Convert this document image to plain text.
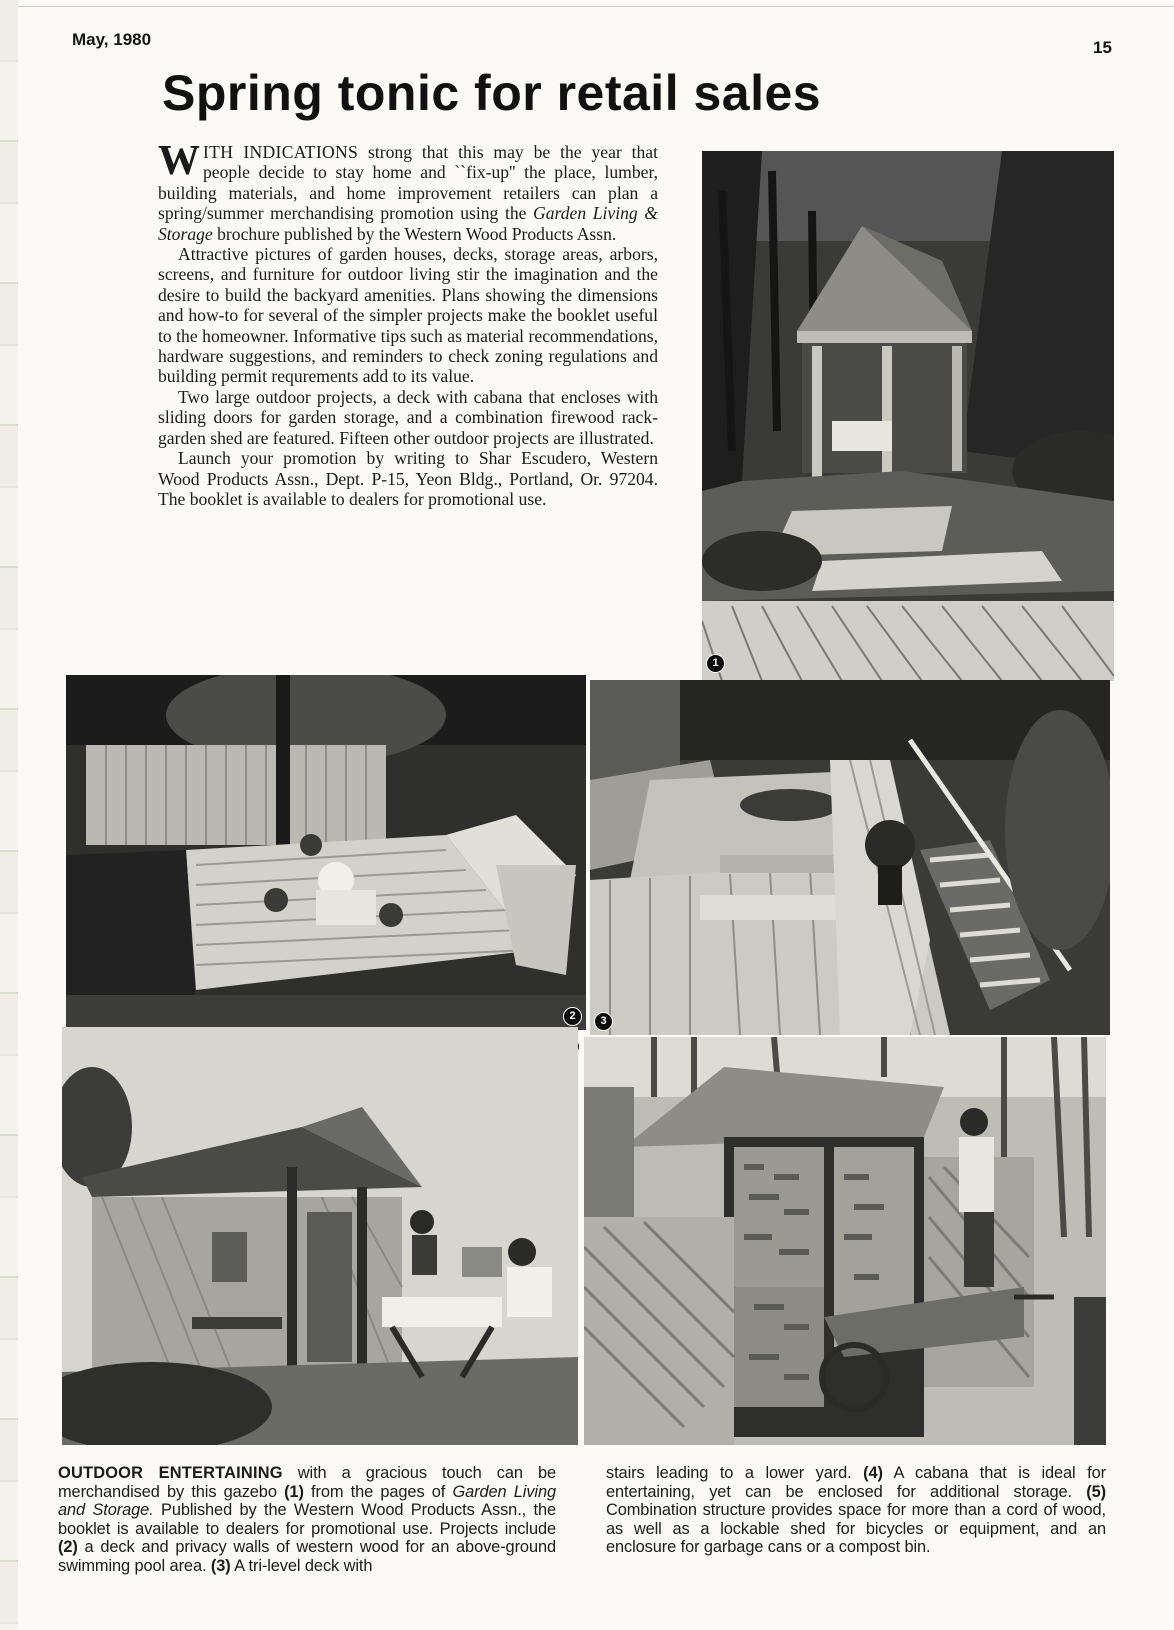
May, 1980	15
Spring tonic for retail sales

WITH INDICATIONS strong that this may be the year that people decide to stay home and ``fix-up'' the place, lumber, building materials, and home improvement retailers can plan a spring/summer merchandising promotion using the Garden Living & Storage brochure published by the Western Wood Products Assn.

Attractive pictures of garden houses, decks, storage areas, arbors, screens, and furniture for outdoor living stir the imagination and the desire to build the backyard amenities. Plans showing the dimensions and how-to for several of the simpler projects make the booklet useful to the homeowner. Informative tips such as material recommendations, hardware suggestions, and reminders to check zoning regulations and building permit requrements add to its value.

Two large outdoor projects, a deck with cabana that encloses with sliding doors for garden storage, and a combination firewood rack-garden shed are featured. Fifteen other outdoor projects are illustrated.

Launch your promotion by writing to Shar Escudero, Western Wood Products Assn., Dept. P-15, Yeon Bldg., Portland, Or. 97204. The booklet is available to dealers for promotional use.

1
2	3
OUTDOOR ENTERTAINING with a gracious touch can be merchandised by this gazebo (1) from the pages of Garden Living and Storage. Published by the Western Wood Products Assn., the booklet is available to dealers for promotional use. Projects include (2) a deck and privacy walls of western wood for an above-ground swimming pool area. (3) A tri-level deck with
stairs leading to a lower yard. (4) A cabana that is ideal for entertaining, yet can be enclosed for additional storage. (5) Combination structure provides space for more than a cord of wood, as well as a lockable shed for bicycles or equipment, and an enclosure for garbage cans or a compost bin.
